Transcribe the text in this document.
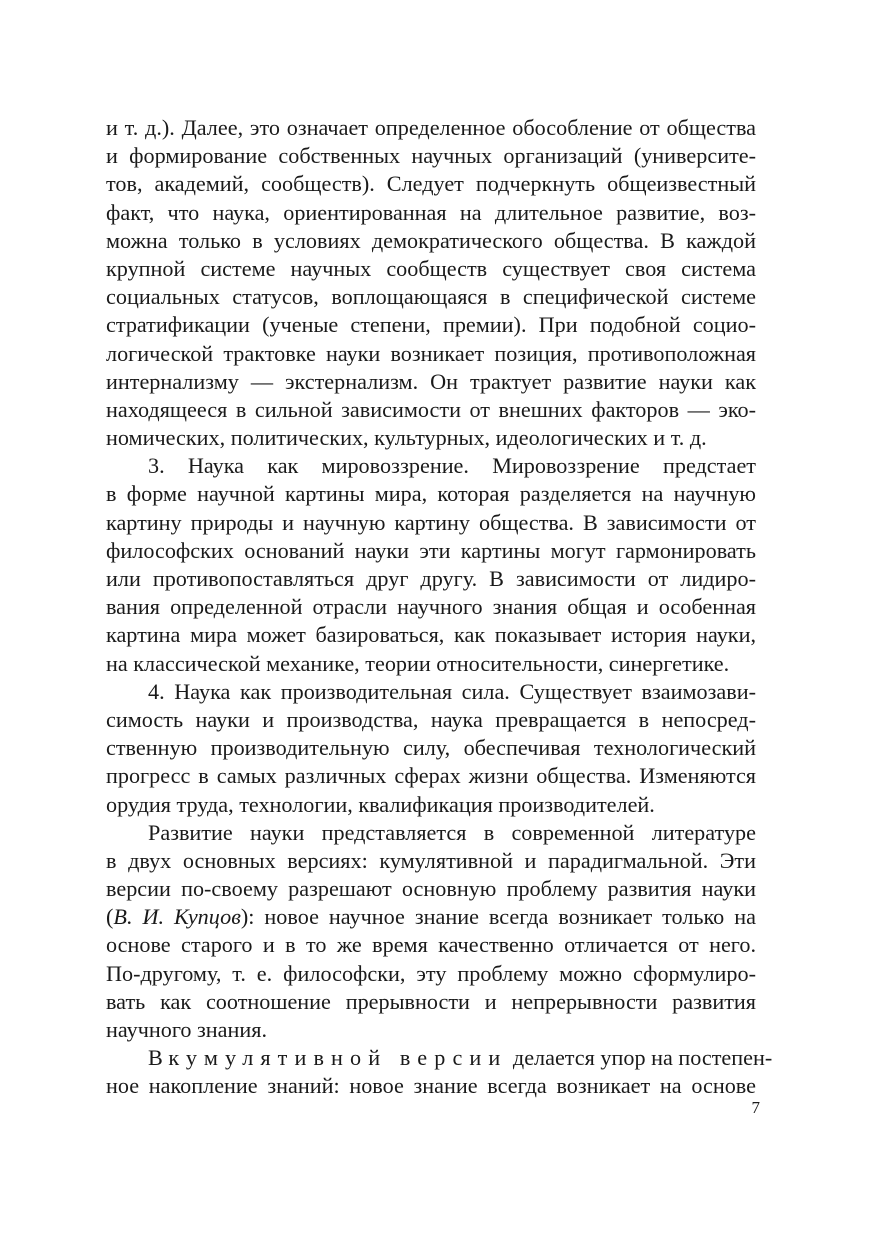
и т. д.). Далее, это означает определенное обособление от общества
и формирование собственных научных организаций (университе-
тов, академий, сообществ). Следует подчеркнуть общеизвестный
факт, что наука, ориентированная на длительное развитие, воз-
можна только в условиях демократического общества. В каждой
крупной системе научных сообществ существует своя система
социальных статусов, воплощающаяся в специфической системе
стратификации (ученые степени, премии). При подобной социо-
логической трактовке науки возникает позиция, противоположная
интернализму — экстернализм. Он трактует развитие науки как
находящееся в сильной зависимости от внешних факторов — эко-
номических, политических, культурных, идеологических и т. д.
3. Наука как мировоззрение. Мировоззрение предстает
в форме научной картины мира, которая разделяется на научную
картину природы и научную картину общества. В зависимости от
философских оснований науки эти картины могут гармонировать
или противопоставляться друг другу. В зависимости от лидиро-
вания определенной отрасли научного знания общая и особенная
картина мира может базироваться, как показывает история науки,
на классической механике, теории относительности, синергетике.
4. Наука как производительная сила. Существует взаимозави-
симость науки и производства, наука превращается в непосред-
ственную производительную силу, обеспечивая технологический
прогресс в самых различных сферах жизни общества. Изменяются
орудия труда, технологии, квалификация производителей.
Развитие науки представляется в современной литературе
в двух основных версиях: кумулятивной и парадигмальной. Эти
версии по-своему разрешают основную проблему развития науки
(В. И. Купцов): новое научное знание всегда возникает только на
основе старого и в то же время качественно отличается от него.
По-другому, т. е. философски, эту проблему можно сформулиро-
вать как соотношение прерывности и непрерывности развития
научного знания.
В кумулятивной версии делается упор на постепен-
ное накопление знаний: новое знание всегда возникает на основе
7
